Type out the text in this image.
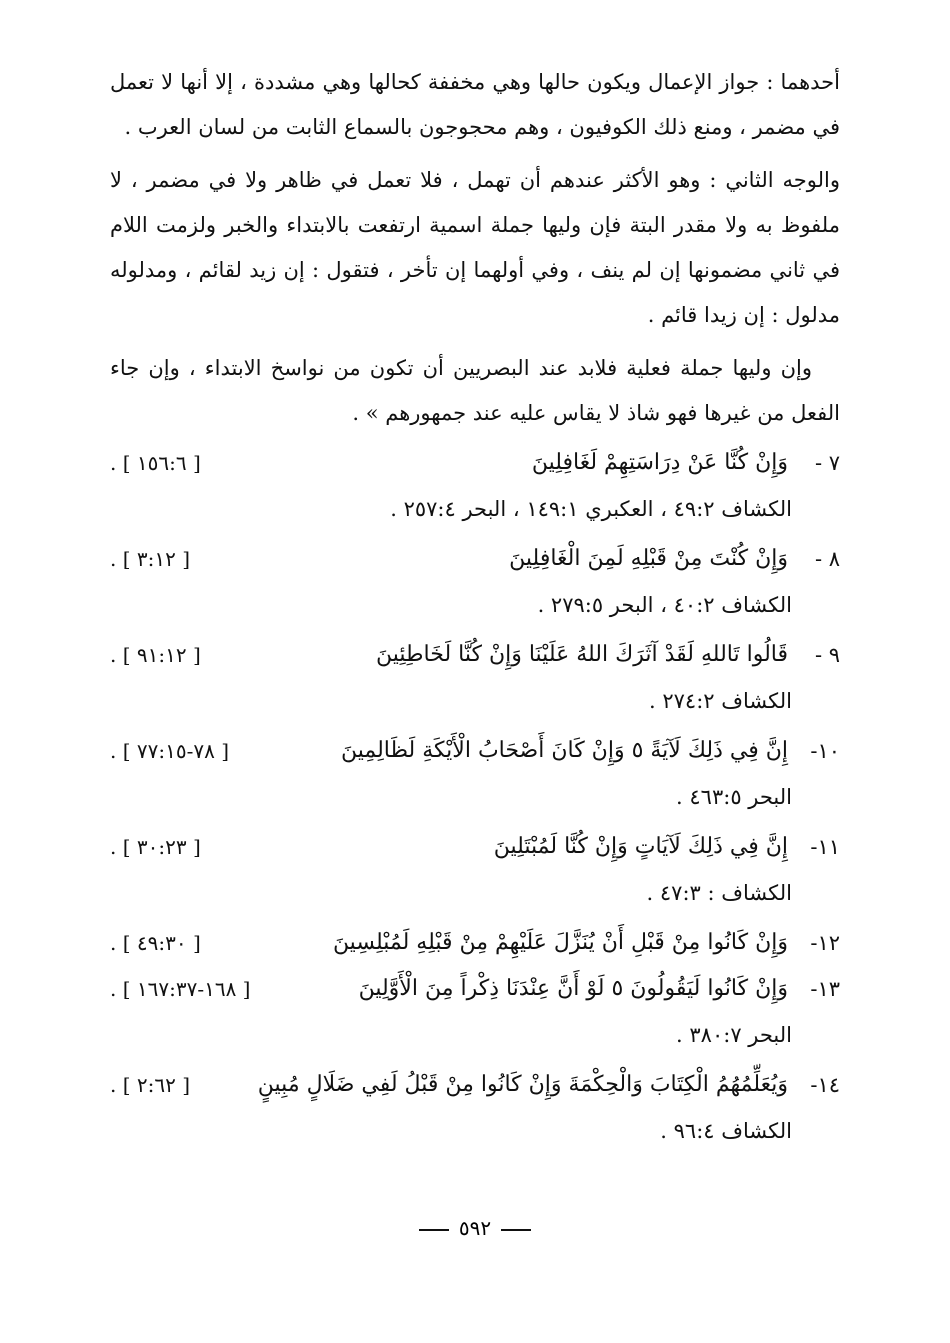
أحدهما : جواز الإعمال ويكون حالها وهي مخففة كحالها وهي مشددة ، إلا أنها لا تعمل في مضمر ، ومنع ذلك الكوفيون ، وهم محجوجون بالسماع الثابت من لسان العرب .

والوجه الثاني : وهو الأكثر عندهم أن تهمل ، فلا تعمل في ظاهر ولا في مضمر ، لا ملفوظ به ولا مقدر البتة فإن وليها جملة اسمية ارتفعت بالابتداء والخبر ولزمت اللام في ثاني مضمونها إن لم ينف ، وفي أولهما إن تأخر ، فتقول : إن زيد لقائم ، ومدلوله مدلول : إن زيدا قائم .

وإن وليها جملة فعلية فلابد عند البصريين أن تكون من نواسخ الابتداء ، وإن جاء الفعل من غيرها فهو شاذ لا يقاس عليه عند جمهورهم » .

٧ -
وَإِنْ كُنَّا عَنْ دِرَاسَتِهِمْ لَغَافِلِينَ
. [ ١٥٦:٦ ]
الكشاف ٤٩:٢ ، العكبري ١٤٩:١ ، البحر ٢٥٧:٤ .
٨ -
وَإِنْ كُنْتَ مِنْ قَبْلِهِ لَمِنَ الْغَافِلِينَ
. [ ٣:١٢ ]
الكشاف ٤٠:٢ ، البحر ٢٧٩:٥ .
٩ -
قَالُوا تَاللهِ لَقَدْ آثَرَكَ اللهُ عَلَيْنَا وَإِنْ كُنَّا لَخَاطِئِينَ
. [ ٩١:١٢ ]
الكشاف ٢٧٤:٢ .
١٠-
إِنَّ فِي ذَلِكَ لَآيَةً ٥ وَإِنْ كَانَ أَصْحَابُ الْأَيْكَةِ لَظَالِمِينَ
. [ ٧٨-٧٧:١٥ ]
البحر ٤٦٣:٥ .
١١-
إِنَّ فِي ذَلِكَ لَآيَاتٍ وَإِنْ كُنَّا لَمُبْتَلِينَ
. [ ٣٠:٢٣ ]
الكشاف : ٤٧:٣ .
١٢-
وَإِنْ كَانُوا مِنْ قَبْلِ أَنْ يُنَزَّلَ عَلَيْهِمْ مِنْ قَبْلِهِ لَمُبْلِسِينَ
. [ ٤٩:٣٠ ]
١٣-
وَإِنْ كَانُوا لَيَقُولُونَ ٥ لَوْ أَنَّ عِنْدَنَا ذِكْراً مِنَ الْأَوَّلِينَ
. [ ١٦٨-١٦٧:٣٧ ]
البحر ٣٨٠:٧ .
١٤-
وَيُعَلِّمُهُمُ الْكِتَابَ وَالْحِكْمَةَ وَإِنْ كَانُوا مِنْ قَبْلُ لَفِي ضَلَالٍ مُبِينٍ
. [ ٢:٦٢ ]
الكشاف ٩٦:٤ .
٥٩٢
